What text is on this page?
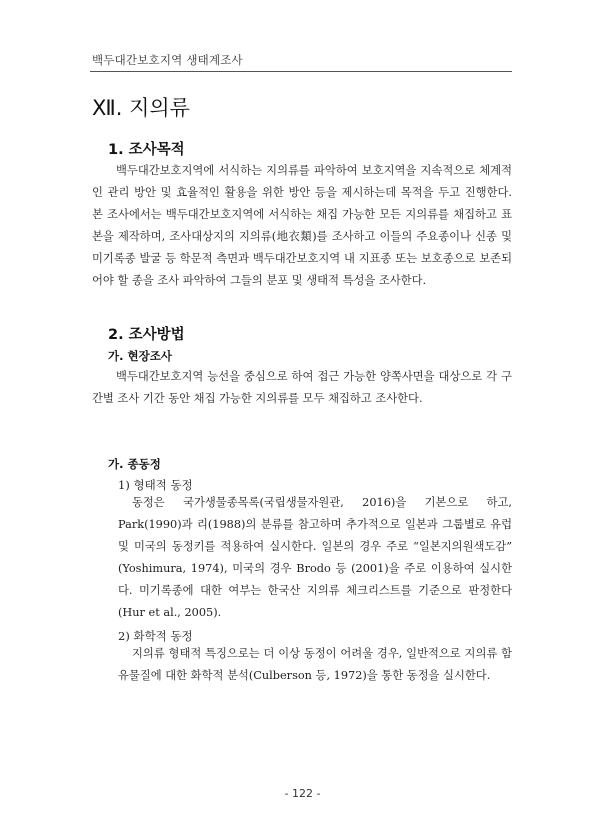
백두대간보호지역 생태계조사
Ⅻ. 지의류
1. 조사목적

백두대간보호지역에 서식하는 지의류를 파악하여 보호지역을 지속적으로 체계적인 관리 방안 및 효율적인 활용을 위한 방안 등을 제시하는데 목적을 두고 진행한다. 본 조사에서는 백두대간보호지역에 서식하는 채집 가능한 모든 지의류를 채집하고 표본을 제작하며, 조사대상지의 지의류(地衣類)를 조사하고 이들의 주요종이나 신종 및 미기록종 발굴 등 학문적 측면과 백두대간보호지역 내 지표종 또는 보호종으로 보존되어야 할 종을 조사 파악하여 그들의 분포 및 생태적 특성을 조사한다.

2. 조사방법
가. 현장조사

백두대간보호지역 능선을 중심으로 하여 접근 가능한 양쪽사면을 대상으로 각 구간별 조사 기간 동안 채집 가능한 지의류를 모두 채집하고 조사한다.

가. 종동정
1) 형태적 동정

동정은 국가생물종목록(국립생물자원관, 2016)을 기본으로 하고, Park(1990)과 리(1988)의 분류를 참고하며 추가적으로 일본과 그룹별로 유럽 및 미국의 동정키를 적용하여 실시한다. 일본의 경우 주로 “일본지의원색도감” (Yoshimura, 1974), 미국의 경우 Brodo 등 (2001)을 주로 이용하여 실시한다. 미기록종에 대한 여부는 한국산 지의류 체크리스트를 기준으로 판정한다 (Hur et al., 2005).

2) 화학적 동정

지의류 형태적 특징으로는 더 이상 동정이 어려울 경우, 일반적으로 지의류 함유물질에 대한 화학적 분석(Culberson 등, 1972)을 통한 동정을 실시한다.

- 122 -
